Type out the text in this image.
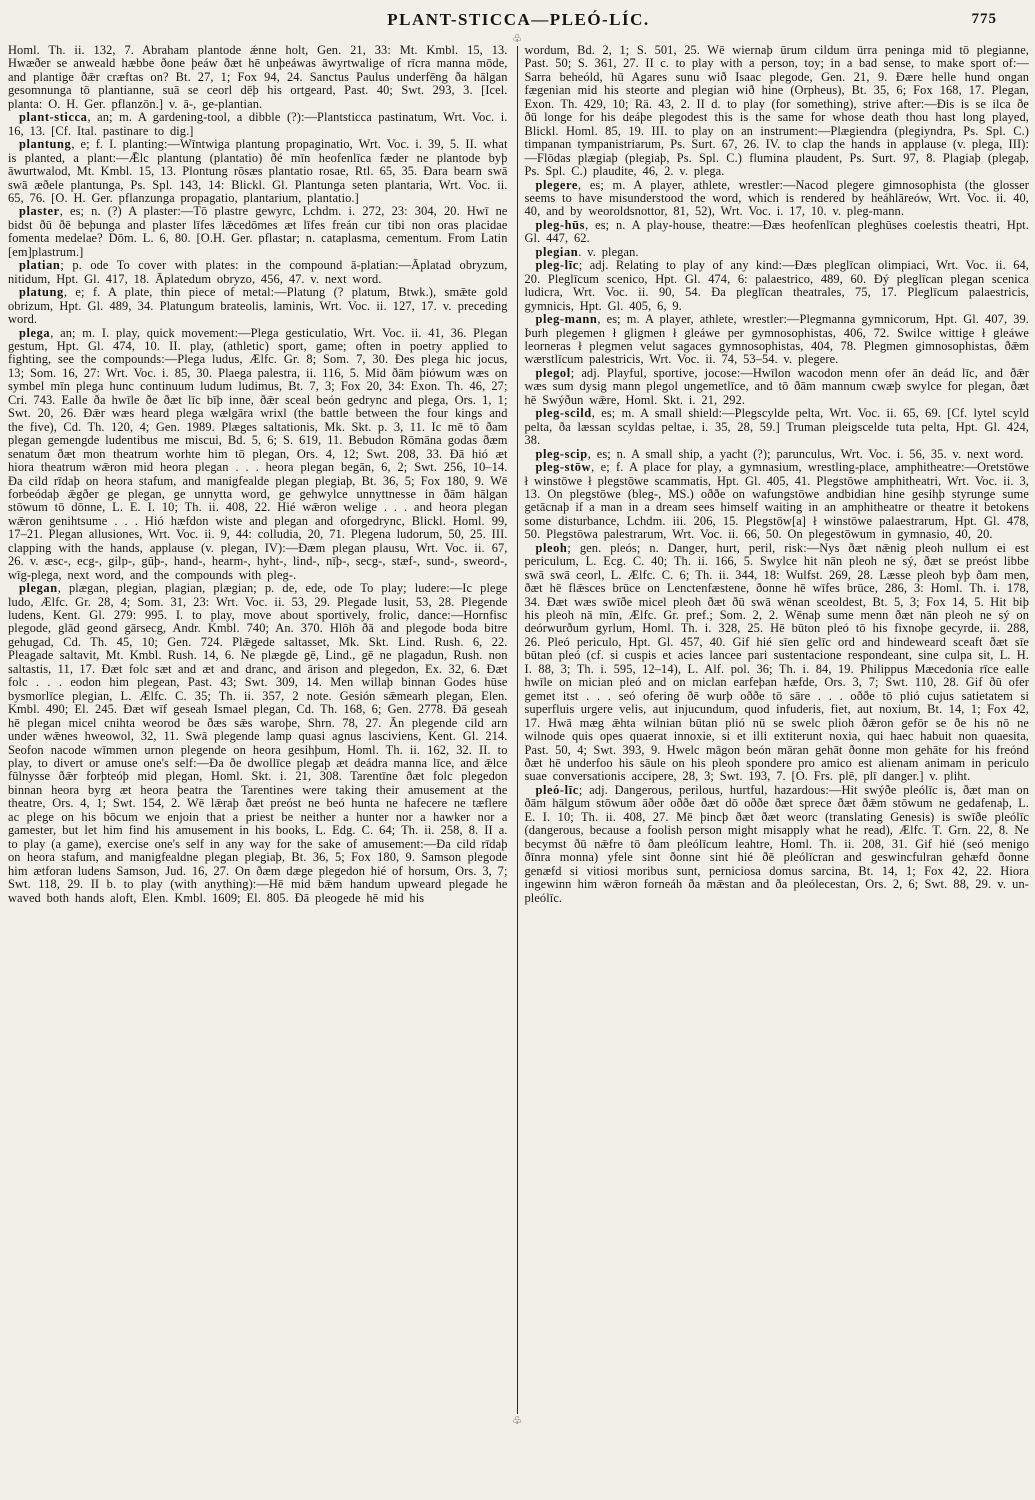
PLANT-STICCA—PLEÓ-LÍC.	775

Homl. Th. ii. 132, 7. Abraham plantode ǽnne holt, Gen. 21, 33: Mt. Kmbl. 15, 13. Hwæðer se anweald hæbbe ðone þeáw ðæt hē unþeáwas āwyrtwalige of rīcra manna mōde, and plantige ðǣr cræftas on? Bt. 27, 1; Fox 94, 24. Sanctus Paulus underfēng ða hālgan gesomnunga tō plantianne, suā se ceorl dēþ his ortgeard, Past. 40; Swt. 293, 3. [Icel. planta: O. H. Ger. pflanzōn.] v. ā-, ge-plantian.

plant-sticca, an; m. A gardening-tool, a dibble (?):—Plantsticca pastinatum, Wrt. Voc. i. 16, 13. [Cf. Ital. pastinare to dig.]

plantung, e; f. I. planting:—Wīntwiga plantung propaginatio, Wrt. Voc. i. 39, 5. II. what is planted, a plant:—Ǣlc plantung (plantatio) ðé mīn heofenlīca fæder ne plantode byþ āwurtwalod, Mt. Kmbl. 15, 13. Plontung rōsæs plantatio rosae, Rtl. 65, 35. Ðara bearn swā swā æðele plantunga, Ps. Spl. 143, 14: Blickl. Gl. Plantunga seten plantaria, Wrt. Voc. ii. 65, 76. [O. H. Ger. pflanzunga propagatio, plantarium, plantatio.]

plaster, es; n. (?) A plaster:—Tō plastre gewyrc, Lchdm. i. 272, 23: 304, 20. Hwī ne bidst ðū ðē beþunga and plaster līfes lǣcedōmes æt līfes freán cur tibi non oras placidae fomenta medelae? Dōm. L. 6, 80. [O.H. Ger. pflastar; n. cataplasma, cementum. From Latin [em]plastrum.]

platian; p. ode To cover with plates: in the compound ā-platian:—Āplatad obryzum, nitidum, Hpt. Gl. 417, 18. Āplatedum obryzo, 456, 47. v. next word.

platung, e; f. A plate, thin piece of metal:—Platung (? platum, Btwk.), smǣte gold obrizum, Hpt. Gl. 489, 34. Platungum brateolis, laminis, Wrt. Voc. ii. 127, 17. v. preceding word.

plega, an; m. I. play, quick movement:—Plega gesticulatio, Wrt. Voc. ii. 41, 36. Plegan gestum, Hpt. Gl. 474, 10. II. play, (athletic) sport, game; often in poetry applied to fighting, see the compounds:—Plega ludus, Ælfc. Gr. 8; Som. 7, 30. Ðes plega hic jocus, 13; Som. 16, 27: Wrt. Voc. i. 85, 30. Plaega palestra, ii. 116, 5. Mid ðām þiówum wæs on symbel mīn plega hunc continuum ludum ludimus, Bt. 7, 3; Fox 20, 34: Exon. Th. 46, 27; Cri. 743. Ealle ða hwīle ðe ðæt līc bīþ inne, ðǣr sceal beón gedrync and plega, Ors. 1, 1; Swt. 20, 26. Ðǣr wæs heard plega wælgāra wrixl (the battle between the four kings and the five), Cd. Th. 120, 4; Gen. 1989. Plæges saltationis, Mk. Skt. p. 3, 11. Ic mē tō ðam plegan gemengde ludentibus me miscui, Bd. 5, 6; S. 619, 11. Bebudon Rōmāna godas ðæm senatum ðæt mon theatrum worhte him tō plegan, Ors. 4, 12; Swt. 208, 33. Ðā hió æt hiora theatrum wǣron mid heora plegan . . . heora plegan begān, 6, 2; Swt. 256, 10–14. Ða cild rīdaþ on heora stafum, and manigfealde plegan plegiaþ, Bt. 36, 5; Fox 180, 9. Wē forbeódaþ ǣgðer ge plegan, ge unnytta word, ge gehwylce unnyttnesse in ðām hālgan stōwum tō dōnne, L. E. I. 10; Th. ii. 408, 22. Hié wǣron welige . . . and heora plegan wǣron genihtsume . . . Hió hæfdon wiste and plegan and oforgedrync, Blickl. Homl. 99, 17–21. Plegan allusiones, Wrt. Voc. ii. 9, 44: colludia, 20, 71. Plegena ludorum, 50, 25. III. clapping with the hands, applause (v. plegan, IV):—Ðæm plegan plausu, Wrt. Voc. ii. 67, 26. v. æsc-, ecg-, gilp-, gūþ-, hand-, hearm-, hyht-, lind-, nīþ-, secg-, stæf-, sund-, sweord-, wīg-plega, next word, and the compounds with pleg-.

plegan, plægan, plegian, plagian, plægian; p. de, ede, ode To play; ludere:—Ic plege ludo, Ælfc. Gr. 28, 4; Som. 31, 23: Wrt. Voc. ii. 53, 29. Plegade lusit, 53, 28. Plegende ludens, Kent. Gl. 279: 995. I. to play, move about sportively, frolic, dance:—Hornfisc plegode, glād geond gārsecg, Andr. Kmbl. 740; An. 370. Hlōh ðā and plegode boda bitre gehugad, Cd. Th. 45, 10; Gen. 724. Plǣgede saltasset, Mk. Skt. Lind. Rush. 6, 22. Pleagade saltavit, Mt. Kmbl. Rush. 14, 6. Ne plægde gē, Lind., gē ne plagadun, Rush. non saltastis, 11, 17. Ðæt folc sæt and æt and dranc, and ārison and plegedon, Ex. 32, 6. Ðæt folc . . . eodon him plegean, Past. 43; Swt. 309, 14. Men willaþ binnan Godes hūse bysmorlīce plegian, L. Ælfc. C. 35; Th. ii. 357, 2 note. Gesión sǣmearh plegan, Elen. Kmbl. 490; El. 245. Ðæt wīf geseah Ismael plegan, Cd. Th. 168, 6; Gen. 2778. Ðā geseah hē plegan micel cnihta weorod be ðæs sǣs waroþe, Shrn. 78, 27. Ān plegende cild arn under wǣnes hweowol, 32, 11. Swā plegende lamp quasi agnus lasciviens, Kent. Gl. 214. Seofon nacode wīmmen urnon plegende on heora gesihþum, Homl. Th. ii. 162, 32. II. to play, to divert or amuse one's self:—Ða ðe dwollīce plegaþ æt deádra manna līce, and ǣlce fūlnysse ðǣr forþteóþ mid plegan, Homl. Skt. i. 21, 308. Tarentīne ðæt folc plegedon binnan heora byrg æt heora þeatra the Tarentines were taking their amusement at the theatre, Ors. 4, 1; Swt. 154, 2. Wē lǣraþ ðæt preóst ne beó hunta ne hafecere ne tæflere ac plege on his bōcum we enjoin that a priest be neither a hunter nor a hawker nor a gamester, but let him find his amusement in his books, L. Edg. C. 64; Th. ii. 258, 8. II a. to play (a game), exercise one's self in any way for the sake of amusement:—Ða cild rīdaþ on heora stafum, and manigfealdne plegan plegiaþ, Bt. 36, 5; Fox 180, 9. Samson plegode him ætforan ludens Samson, Jud. 16, 27. On ðæm dæge plegedon hié of horsum, Ors. 3, 7; Swt. 118, 29. II b. to play (with anything):—Hē mid bǣm handum upweard plegade he waved both hands aloft, Elen. Kmbl. 1609; El. 805. Ðā pleogede hē mid his

♧
♧

wordum, Bd. 2, 1; S. 501, 25. Wē wiernaþ ūrum cildum ūrra peninga mid tō plegianne, Past. 50; S. 361, 27. II c. to play with a person, toy; in a bad sense, to make sport of:—Sarra beheóld, hū Agares sunu wið Isaac plegode, Gen. 21, 9. Ðære helle hund ongan fægenian mid his steorte and plegian wið hine (Orpheus), Bt. 35, 6; Fox 168, 17. Plegan, Exon. Th. 429, 10; Rä. 43, 2. II d. to play (for something), strive after:—Ðis is se ilca ðe ðū longe for his deáþe plegodest this is the same for whose death thou hast long played, Blickl. Homl. 85, 19. III. to play on an instrument:—Plægiendra (plegiyndra, Ps. Spl. C.) timpanan tympanistriarum, Ps. Surt. 67, 26. IV. to clap the hands in applause (v. plega, III):—Flōdas plægiaþ (plegiaþ, Ps. Spl. C.) flumina plaudent, Ps. Surt. 97, 8. Plagiaþ (plegaþ, Ps. Spl. C.) plaudite, 46, 2. v. plega.

plegere, es; m. A player, athlete, wrestler:—Nacod plegere gimnosophista (the glosser seems to have misunderstood the word, which is rendered by heáhlāreów, Wrt. Voc. ii. 40, 40, and by weoroldsnottor, 81, 52), Wrt. Voc. i. 17, 10. v. pleg-mann.

pleg-hūs, es; n. A play-house, theatre:—Ðæs heofenlīcan pleghūses coelestis theatri, Hpt. Gl. 447, 62.

plegian. v. plegan.

pleg-līc; adj. Relating to play of any kind:—Ðæs pleglīcan olimpiaci, Wrt. Voc. ii. 64, 20. Pleglīcum scenico, Hpt. Gl. 474, 6: palaestrico, 489, 60. Ðý pleglīcan plegan scenica ludicra, Wrt. Voc. ii. 90, 54. Ða pleglīcan theatrales, 75, 17. Pleglīcum palaestricis, gymnicis, Hpt. Gl. 405, 6, 9.

pleg-mann, es; m. A player, athlete, wrestler:—Plegmanna gymnicorum, Hpt. Gl. 407, 39. Þurh plegemen ł gligmen ł gleáwe per gymnosophistas, 406, 72. Swilce wittige ł gleáwe leorneras ł plegmen velut sagaces gymnosophistas, 404, 78. Plegmen gimnosophistas, ðǣm wærstlīcum palestricis, Wrt. Voc. ii. 74, 53–54. v. plegere.

plegol; adj. Playful, sportive, jocose:—Hwīlon wacodon menn ofer ān deád līc, and ðǣr wæs sum dysig mann plegol ungemetlīce, and tō ðām mannum cwæþ swylce for plegan, ðæt hē Swýðun wǣre, Homl. Skt. i. 21, 292.

pleg-scild, es; m. A small shield:—Plegscylde pelta, Wrt. Voc. ii. 65, 69. [Cf. lytel scyld pelta, ða læssan scyldas peltae, i. 35, 28, 59.] Truman pleigscelde tuta pelta, Hpt. Gl. 424, 38.

pleg-scip, es; n. A small ship, a yacht (?); parunculus, Wrt. Voc. i. 56, 35. v. next word.

pleg-stōw, e; f. A place for play, a gymnasium, wrestling-place, amphitheatre:—Oretstōwe ł winstōwe ł plegstōwe scammatis, Hpt. Gl. 405, 41. Plegstōwe amphitheatri, Wrt. Voc. ii. 3, 13. On plegstōwe (bleg-, MS.) oððe on wafungstōwe andbidian hine gesihþ styrunge sume getācnaþ if a man in a dream sees himself waiting in an amphitheatre or theatre it betokens some disturbance, Lchdm. iii. 206, 15. Plegstōw[a] ł winstōwe palaestrarum, Hpt. Gl. 478, 50. Plegstōwa palestrarum, Wrt. Voc. ii. 66, 50. On plegestōwum in gymnasio, 40, 20.

pleoh; gen. pleós; n. Danger, hurt, peril, risk:—Nys ðæt nǣnig pleoh nullum ei est periculum, L. Ecg. C. 40; Th. ii. 166, 5. Swylce hit nān pleoh ne sý, ðæt se preóst libbe swā swā ceorl, L. Ælfc. C. 6; Th. ii. 344, 18: Wulfst. 269, 28. Læsse pleoh byþ ðam men, ðæt hē flǣsces brūce on Lenctenfæstene, ðonne hē wīfes brūce, 286, 3: Homl. Th. i. 178, 34. Ðæt wæs swīðe micel pleoh ðæt ðū swā wēnan sceoldest, Bt. 5, 3; Fox 14, 5. Hit biþ his pleoh nā mīn, Ælfc. Gr. pref.; Som. 2, 2. Wēnaþ sume menn ðæt nān pleoh ne sý on deórwurðum gyrlum, Homl. Th. i. 328, 25. Hē būton pleó tō his fixnoþe gecyrde, ii. 288, 26. Pleó periculo, Hpt. Gl. 457, 40. Gif hié sīen gelīc ord and hindeweard sceaft ðæt sīe būtan pleó (cf. si cuspis et acies lancee pari sustentacione respondeant, sine culpa sit, L. H. I. 88, 3; Th. i. 595, 12–14), L. Alf. pol. 36; Th. i. 84, 19. Philippus Mæcedonia rīce ealle hwīle on mician pleó and on miclan earfeþan hæfde, Ors. 3, 7; Swt. 110, 28. Gif ðū ofer gemet itst . . . seó ofering ðē wurþ oððe tō sāre . . . oððe tō plió cujus satietatem si superfluis urgere velis, aut injucundum, quod infuderis, fiet, aut noxium, Bt. 14, 1; Fox 42, 17. Hwā mæg ǣhta wilnian būtan plió nū se swelc plioh ðǣron gefōr se ðe his nō ne wilnode quis opes quaerat innoxie, si et illi extiterunt noxia, qui haec habuit non quaesita, Past. 50, 4; Swt. 393, 9. Hwelc māgon beón māran gehāt ðonne mon gehāte for his freónd ðæt hē underfoo his sāule on his pleoh spondere pro amico est alienam animam in periculo suae conversationis accipere, 28, 3; Swt. 193, 7. [O. Frs. plē, plī danger.] v. pliht.

pleó-līc; adj. Dangerous, perilous, hurtful, hazardous:—Hit swýðe pleólīc is, ðæt man on ðām hālgum stōwum āðer oððe ðæt dō oððe ðæt sprece ðæt ðǣm stōwum ne gedafenaþ, L. E. I. 10; Th. ii. 408, 27. Mē þincþ ðæt ðæt weorc (translating Genesis) is swīðe pleólīc (dangerous, because a foolish person might misapply what he read), Ælfc. T. Grn. 22, 8. Ne becymst ðū nǣfre tō ðam pleólīcum leahtre, Homl. Th. ii. 208, 31. Gif hié (seó menigo ðīnra monna) yfele sint ðonne sint hié ðē pleólīcran and geswincfulran gehæfd ðonne genæfd si vitiosi moribus sunt, perniciosa domus sarcina, Bt. 14, 1; Fox 42, 22. Hiora ingewinn him wǣron forneáh ða mǣstan and ða pleólecestan, Ors. 2, 6; Swt. 88, 29. v. un-pleólīc.
